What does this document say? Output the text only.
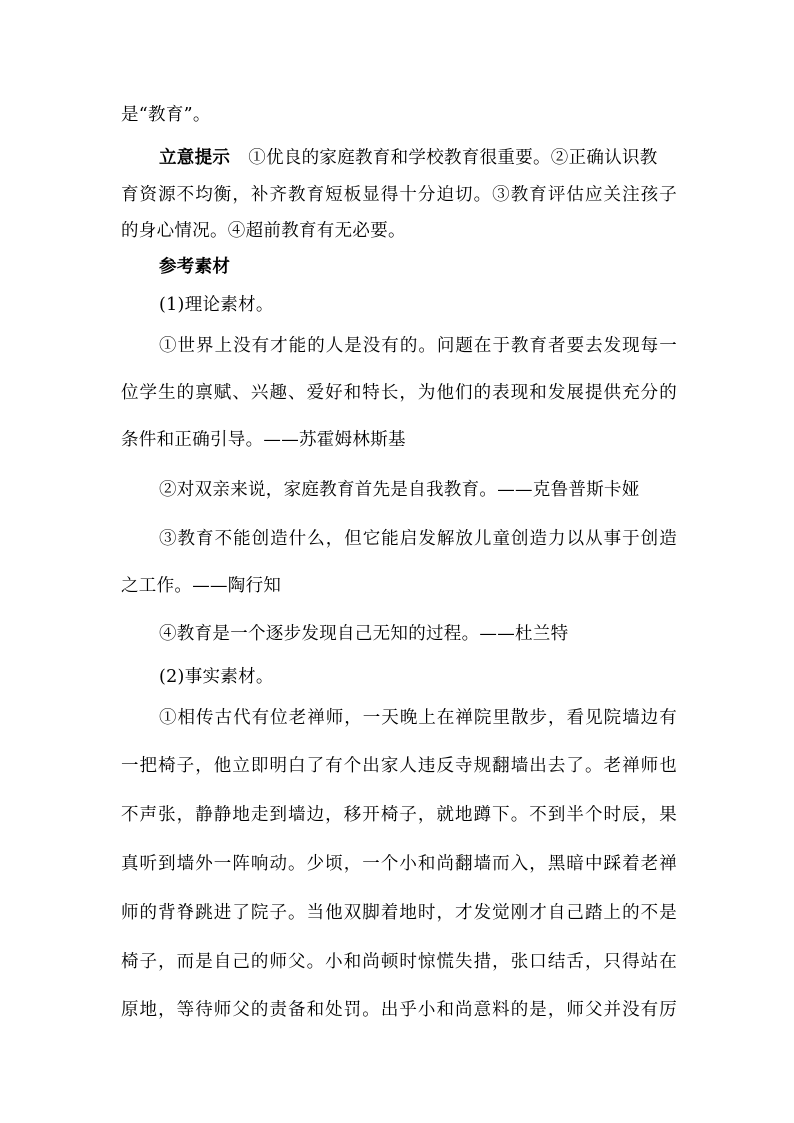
是“教育”。
立意提示 ①优良的家庭教育和学校教育很重要。②正确认识教
育资源不均衡，补齐教育短板显得十分迫切。③教育评估应关注孩子
的身心情况。④超前教育有无必要。
参考素材
(1)理论素材。
①世界上没有才能的人是没有的。问题在于教育者要去发现每一
位学生的禀赋、兴趣、爱好和特长，为他们的表现和发展提供充分的
条件和正确引导。——苏霍姆林斯基
②对双亲来说，家庭教育首先是自我教育。——克鲁普斯卡娅
③教育不能创造什么，但它能启发解放儿童创造力以从事于创造
之工作。——陶行知
④教育是一个逐步发现自己无知的过程。——杜兰特
(2)事实素材。
①相传古代有位老禅师，一天晚上在禅院里散步，看见院墙边有
一把椅子，他立即明白了有个出家人违反寺规翻墙出去了。老禅师也
不声张，静静地走到墙边，移开椅子，就地蹲下。不到半个时辰，果
真听到墙外一阵响动。少顷，一个小和尚翻墙而入，黑暗中踩着老禅
师的背脊跳进了院子。当他双脚着地时，才发觉刚才自己踏上的不是
椅子，而是自己的师父。小和尚顿时惊慌失措，张口结舌，只得站在
原地，等待师父的责备和处罚。出乎小和尚意料的是，师父并没有厉
